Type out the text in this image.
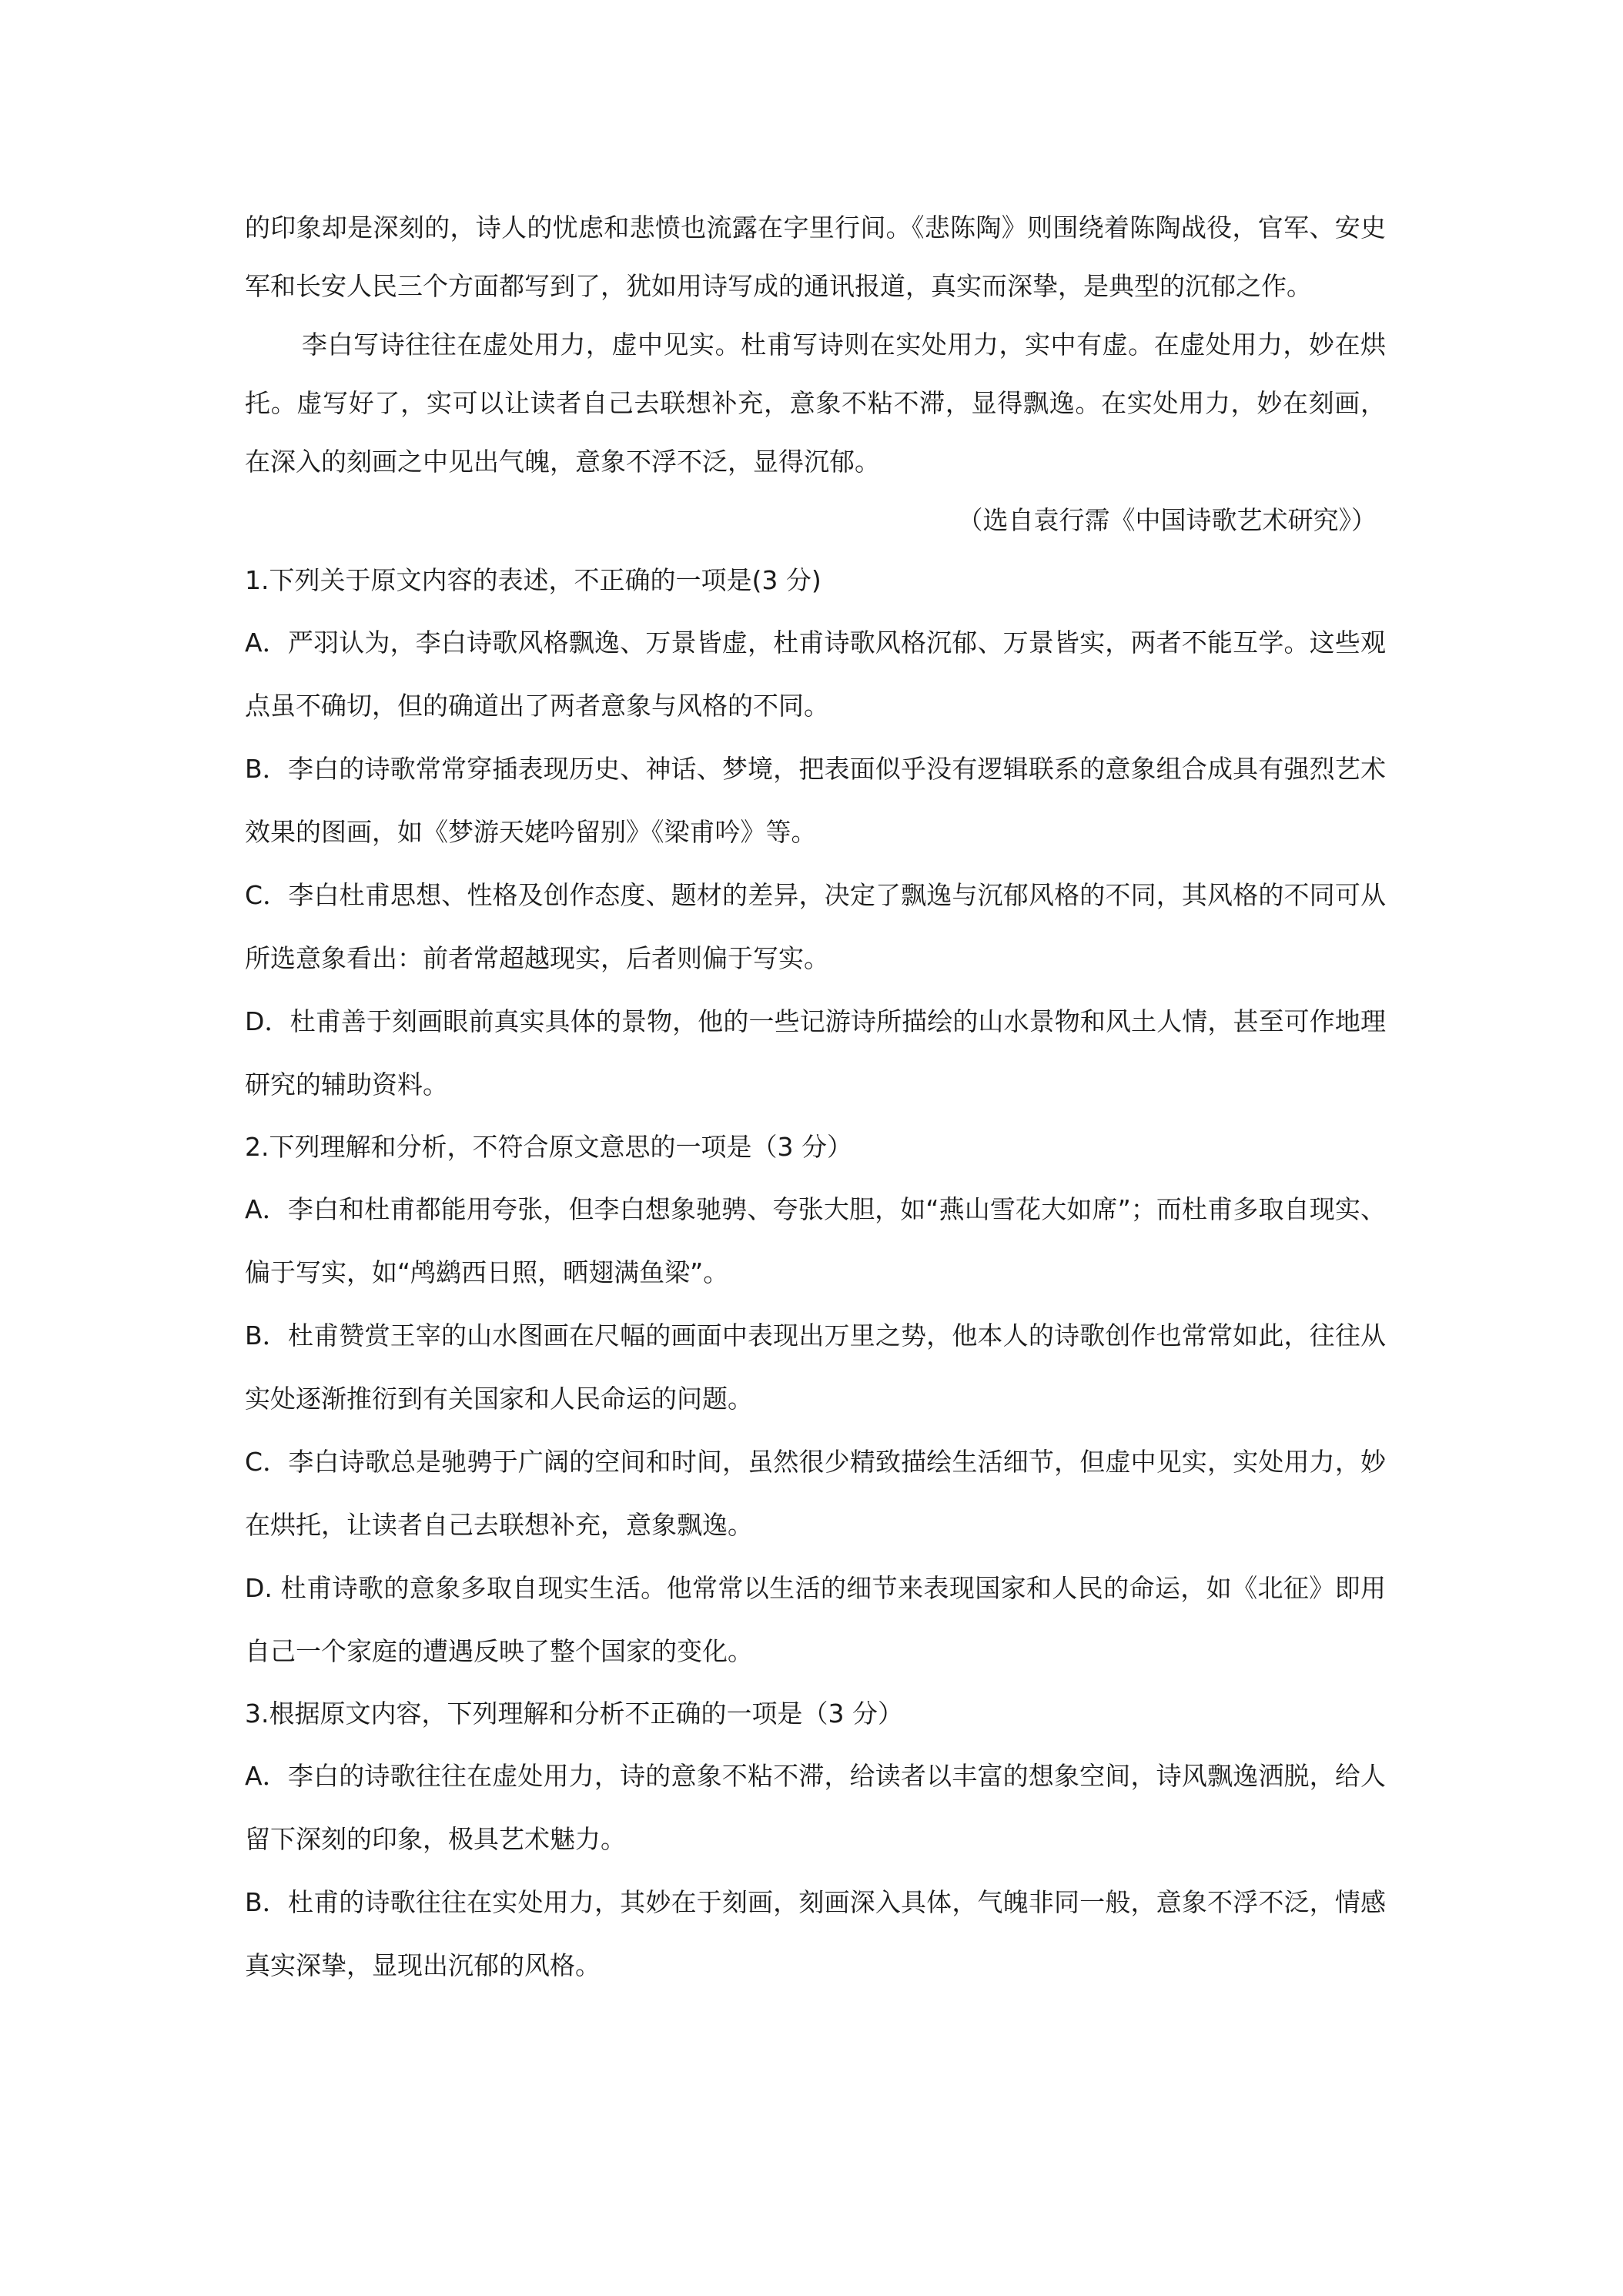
的印象却是深刻的，诗人的忧虑和悲愤也流露在字里行间。《悲陈陶》则围绕着陈陶战役，官军、安史军和长安人民三个方面都写到了，犹如用诗写成的通讯报道，真实而深挚，是典型的沉郁之作。

李白写诗往往在虚处用力，虚中见实。杜甫写诗则在实处用力，实中有虚。在虚处用力，妙在烘托。虚写好了，实可以让读者自己去联想补充，意象不粘不滞，显得飘逸。在实处用力，妙在刻画，在深入的刻画之中见出气魄，意象不浮不泛，显得沉郁。

（选自袁行霈《中国诗歌艺术研究》）

1.下列关于原文内容的表述，不正确的一项是(3 分)

A．严羽认为，李白诗歌风格飘逸、万景皆虚，杜甫诗歌风格沉郁、万景皆实，两者不能互学。这些观点虽不确切，但的确道出了两者意象与风格的不同。

B．李白的诗歌常常穿插表现历史、神话、梦境，把表面似乎没有逻辑联系的意象组合成具有强烈艺术效果的图画，如《梦游天姥吟留别》《梁甫吟》等。

C．李白杜甫思想、性格及创作态度、题材的差异，决定了飘逸与沉郁风格的不同，其风格的不同可从所选意象看出：前者常超越现实，后者则偏于写实。

D．杜甫善于刻画眼前真实具体的景物，他的一些记游诗所描绘的山水景物和风土人情，甚至可作地理研究的辅助资料。

2.下列理解和分析，不符合原文意思的一项是（3 分）

A．李白和杜甫都能用夸张，但李白想象驰骋、夸张大胆，如“燕山雪花大如席”；而杜甫多取自现实、偏于写实，如“鸬鹚西日照，晒翅满鱼梁”。

B．杜甫赞赏王宰的山水图画在尺幅的画面中表现出万里之势，他本人的诗歌创作也常常如此，往往从实处逐渐推衍到有关国家和人民命运的问题。

C．李白诗歌总是驰骋于广阔的空间和时间，虽然很少精致描绘生活细节，但虚中见实，实处用力，妙在烘托，让读者自己去联想补充，意象飘逸。

D. 杜甫诗歌的意象多取自现实生活。他常常以生活的细节来表现国家和人民的命运，如《北征》即用自己一个家庭的遭遇反映了整个国家的变化。

3.根据原文内容，下列理解和分析不正确的一项是（3 分）

A．李白的诗歌往往在虚处用力，诗的意象不粘不滞，给读者以丰富的想象空间，诗风飘逸洒脱，给人留下深刻的印象，极具艺术魅力。

B．杜甫的诗歌往往在实处用力，其妙在于刻画，刻画深入具体，气魄非同一般，意象不浮不泛，情感真实深挚，显现出沉郁的风格。
